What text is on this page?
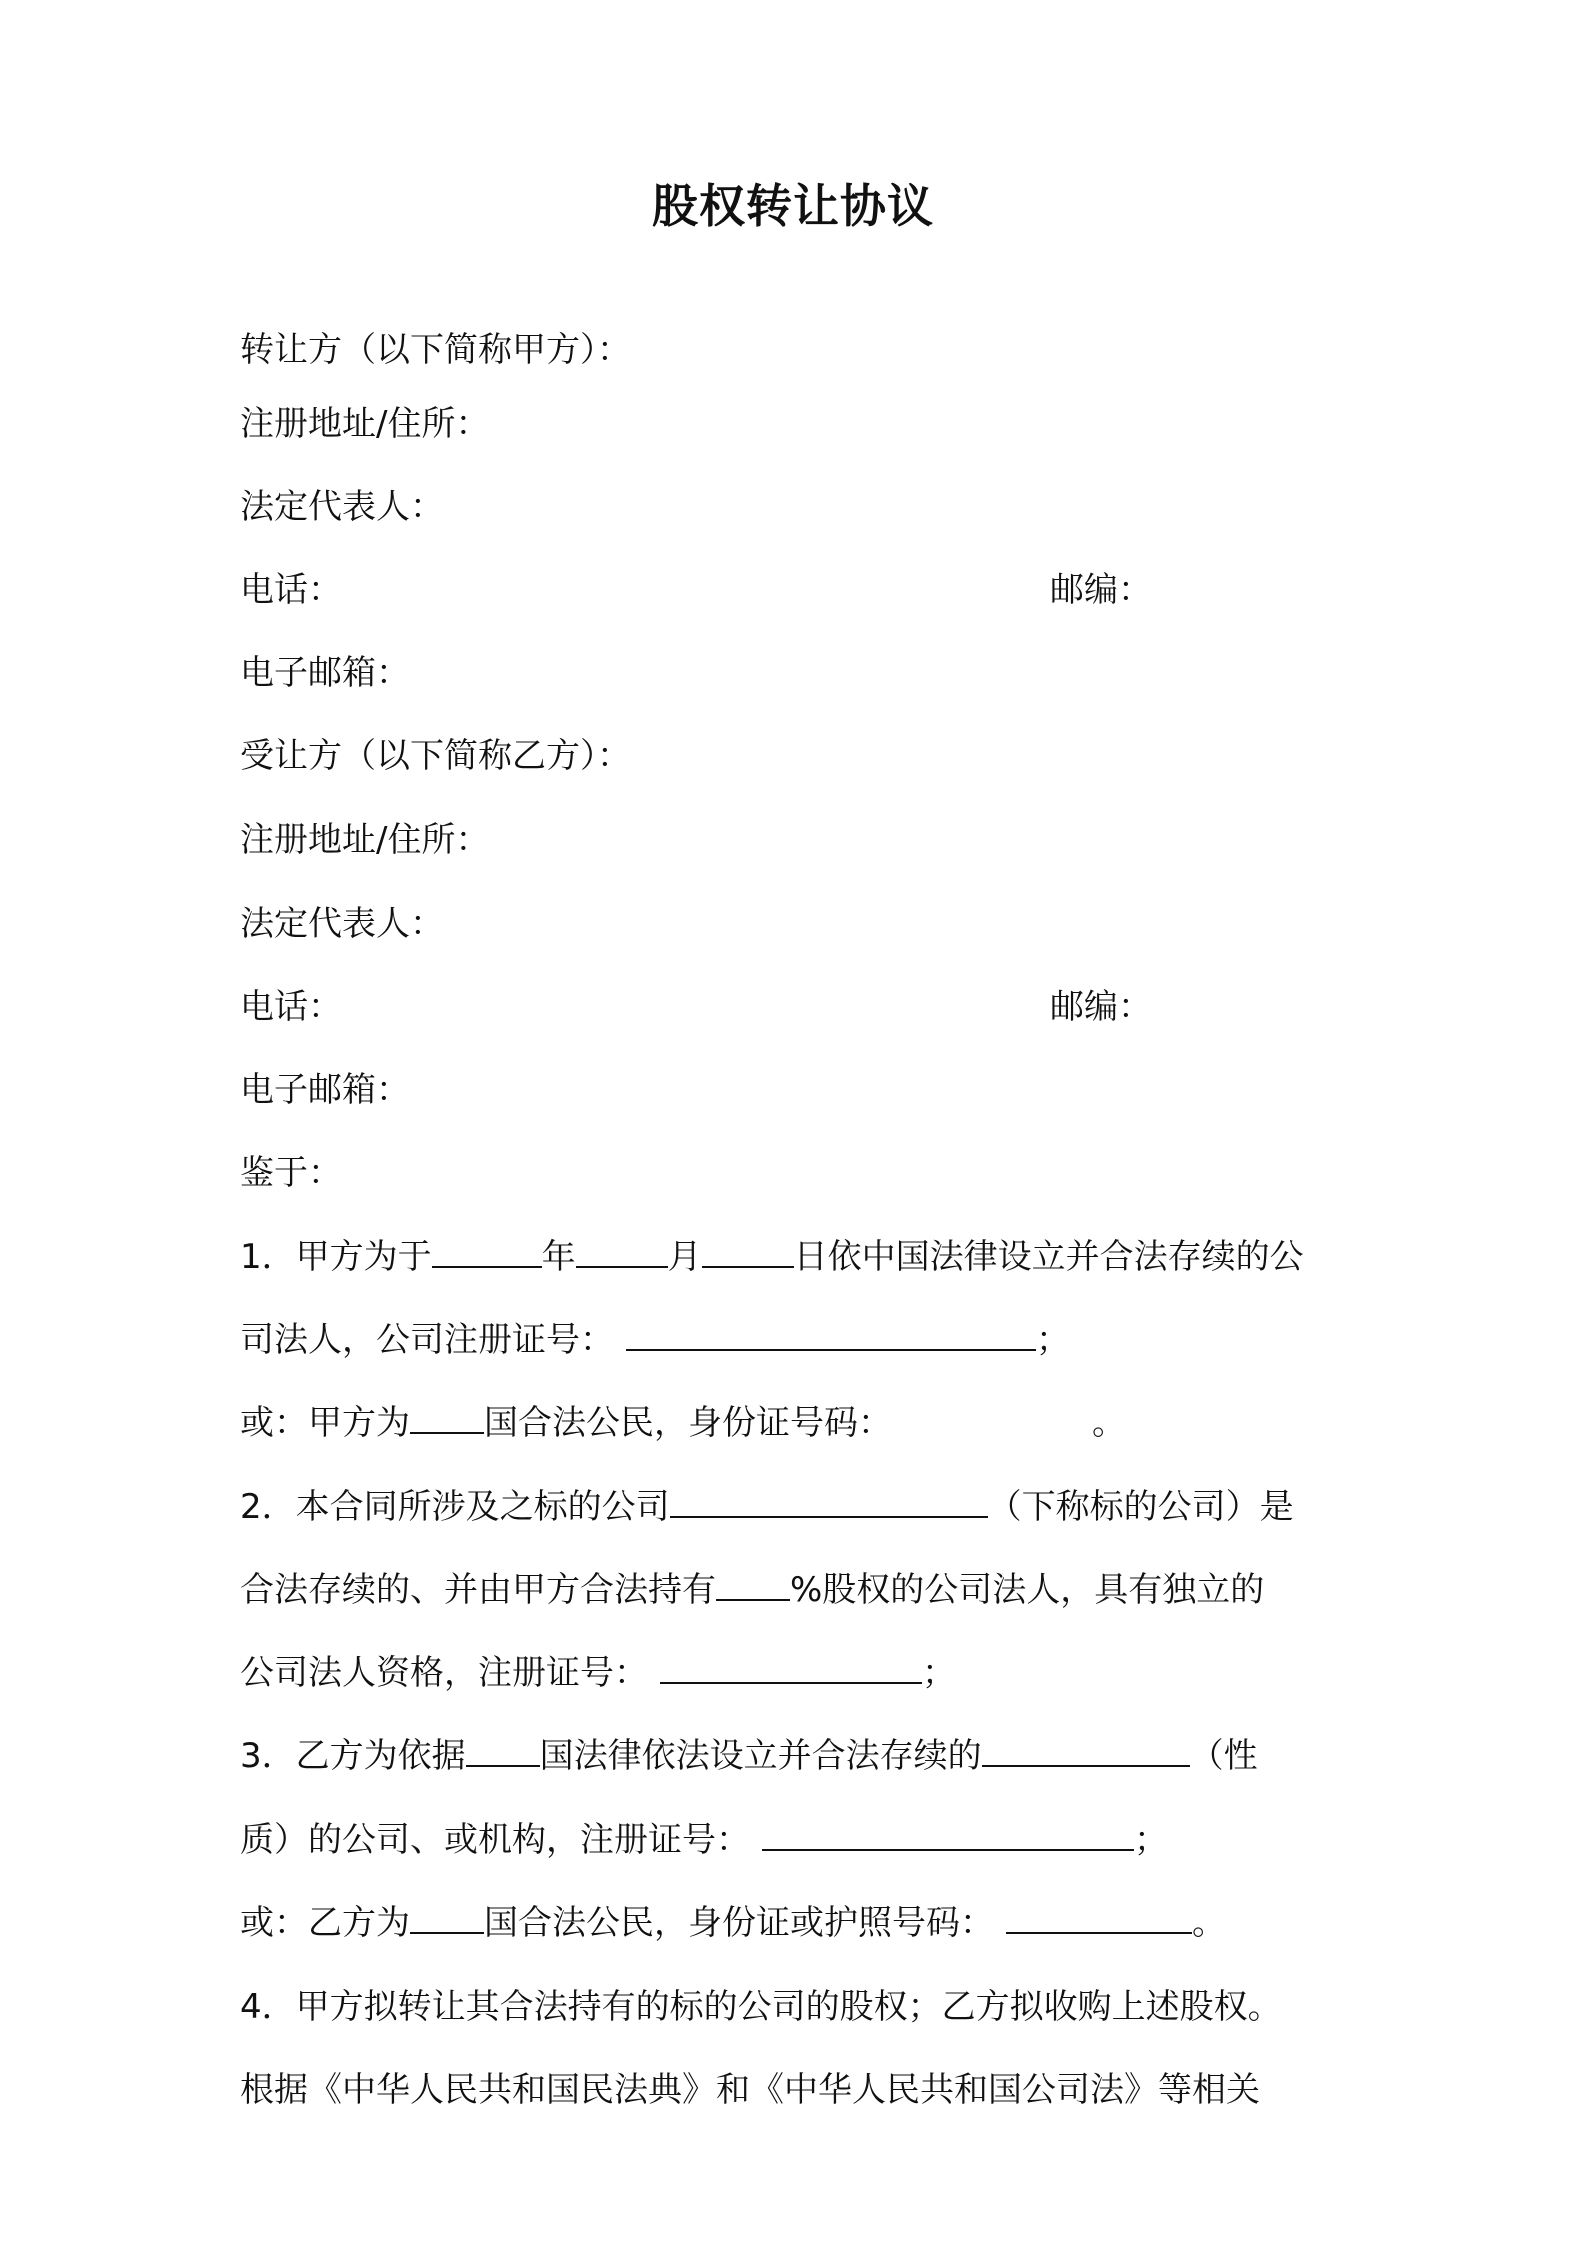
股权转让协议
转让方（以下简称甲方）：
注册地址/住所：
法定代表人：
电话：	邮编：
电子邮箱：
受让方（以下简称乙方）：
注册地址/住所：
法定代表人：
电话：	邮编：
电子邮箱：
鉴于：
1．甲方为于	年	月	日依中国法律设立并合法存续的公
司法人，公司注册证号：	；
或：甲方为 国合法公民，身份证号码：	。
2．本合同所涉及之标的公司	（下称标的公司）是
合法存续的、并由甲方合法持有 %股权的公司法人，具有独立的
公司法人资格，注册证号：	；
3．乙方为依据 国法律依法设立并合法存续的	（性
质）的公司、或机构，注册证号：	；
或：乙方为 国合法公民，身份证或护照号码：	。
4．甲方拟转让其合法持有的标的公司的股权；乙方拟收购上述股权。
根据《中华人民共和国民法典》和《中华人民共和国公司法》等相关
